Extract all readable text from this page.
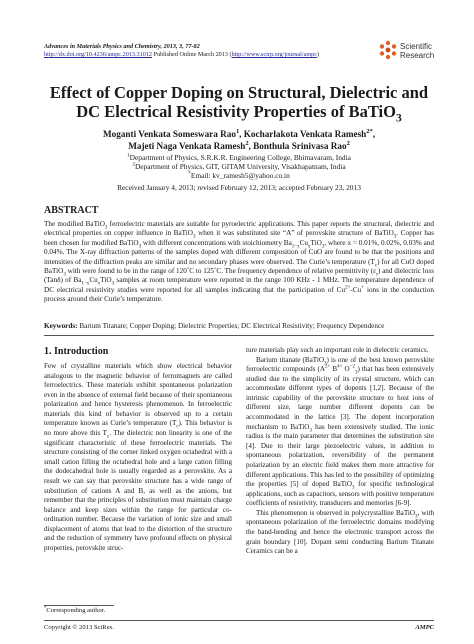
Advances in Materials Physics and Chemistry, 2013, 3, 77-82
http://dx.doi.org/10.4236/ampc.2013.31012 Published Online March 2013 (http://www.scirp.org/journal/ampc)
Scientific
Research
Effect of Copper Doping on Structural, Dielectric and
DC Electrical Resistivity Properties of BaTiO$_3$
Moganti Venkata Someswara Rao$^1$, Kocharlakota Venkata Ramesh$^{2*}$,
Majeti Naga Venkata Ramesh$^2$, Bonthula Srinivasa Rao$^2$
$^1$Department of Physics, S.R.K.R. Engineering College, Bhimavaram, India
$^2$Department of Physics, GIT, GITAM University, Visakhapatnam, India
*Email: kv_ramesh5@yahoo.co.in
Received January 4, 2013; revised February 12, 2013; accepted February 23, 2013
ABSTRACT
The modified BaTiO$_3$ ferroelectric materials are suitable for pyroelectric applications. This paper reports the structural, dielectric and electrical properties on copper influence in BaTiO$_3$ when it was substituted site “A” of perovskite structure of BaTiO$_3$. Copper has been chosen for modified BaTiO$_3$ with different concentrations with stoichiometry $Ba_{1-x}Cu_xTiO_3$, where x = 0.01%, 0.02%, 0.03% and 0.04%. The X-ray diffraction patterns of the samples doped with different composition of CuO are found to be that the positions and intensities of the diffraction peaks are similar and no secondary phases were observed. The Curie’s temperature $(T_c)$ for all CuO doped BaTiO$_3$ with were found to be in the range of 120˚C to 125˚C. The frequency dependence of relative permittivity $(\varepsilon_r)$ and dielectric loss (Tanδ) of $Ba_{1-x}Cu_xTiO_3$ samples at room temperature were reported in the range 100 KHz - 1 MHz. The temperature dependence of DC electrical resistivity studies were reported for all samples indicating that the participation of $Cu^{2+}-Cu^+$ ions in the conduction process around their Curie’s temperature.
Keywords: Barium Titanate; Copper Doping; Dielectric Properties; DC Electrical Resistivity; Frequency Dependence
1. Introduction

Few of crystalline materials which show electrical behavior analogous to the magnetic behavior of ferromagnets are called ferroelectrics. These materials exhibit spontaneous polarization even in the absence of external field because of their spontaneous polarization and hence hysteresis phenomenon. In ferroelectric materials this kind of behavior is observed up to a certain temperature known as Curie’s temperature $(T_c)$. This behavior is no more above this $T_c$. The dielectric non linearity is one of the significant characteristic of these ferroelectric materials. The structure consisting of the corner linked oxygen octahedral with a small cation filling the octahedral hole and a large cation filling the dodecahedral hole is usually regarded as a perovskite. As a result we can say that perovskite structure has a wide range of substitution of cations A and B, as well as the anions, but remember that the principles of substitution must maintain charge balance and keep sizes within the range for particular co-ordination number. Because the variation of ionic size and small displacement of atoms that lead to the distortion of the structure and the reduction of symmetry have profound effects on physical properties, perovskite struc-

ture materials play such an important role in dielectric ceramics.

Barium titanate (BaTiO$_3$) is one of the best known perovskite ferroelectric compounds ($A^{2+}$ $B^{4+}$ $O^{-2}_3$) that has been extensively studied due to the simplicity of its crystal structure, which can accommodate different types of dopents [1,2]. Because of the intrinsic capability of the perovskite structure to host ions of different size, large number different dopents can be accommodated in the lattice [3]. The dopent incorporation mechanism to BaTiO$_3$ has been extensively studied. The ionic radius is the main parameter that determines the substitution site [4]. Due to their large piezoelectric values, in addition to spontaneous polarization, reversibility of the permanent polarization by an electric field makes them more attractive for different applications. This has led to the possibility of optimizing the properties [5] of doped BaTiO$_3$ for specific technological applications, such as capacitors, sensors with positive temperature coefficients of resistivity, transducers and memories [6-9].

This phenomenon is observed in polycrystalline BaTiO$_3$, with spontaneous polarization of the ferroelectric domains modifying the band-bending and hence the electronic transport across the grain boundary [10]. Dopant semi conducting Barium Titanate Ceramics can be a

*Corresponding author.
Copyright © 2013 SciRes.	AMPC
